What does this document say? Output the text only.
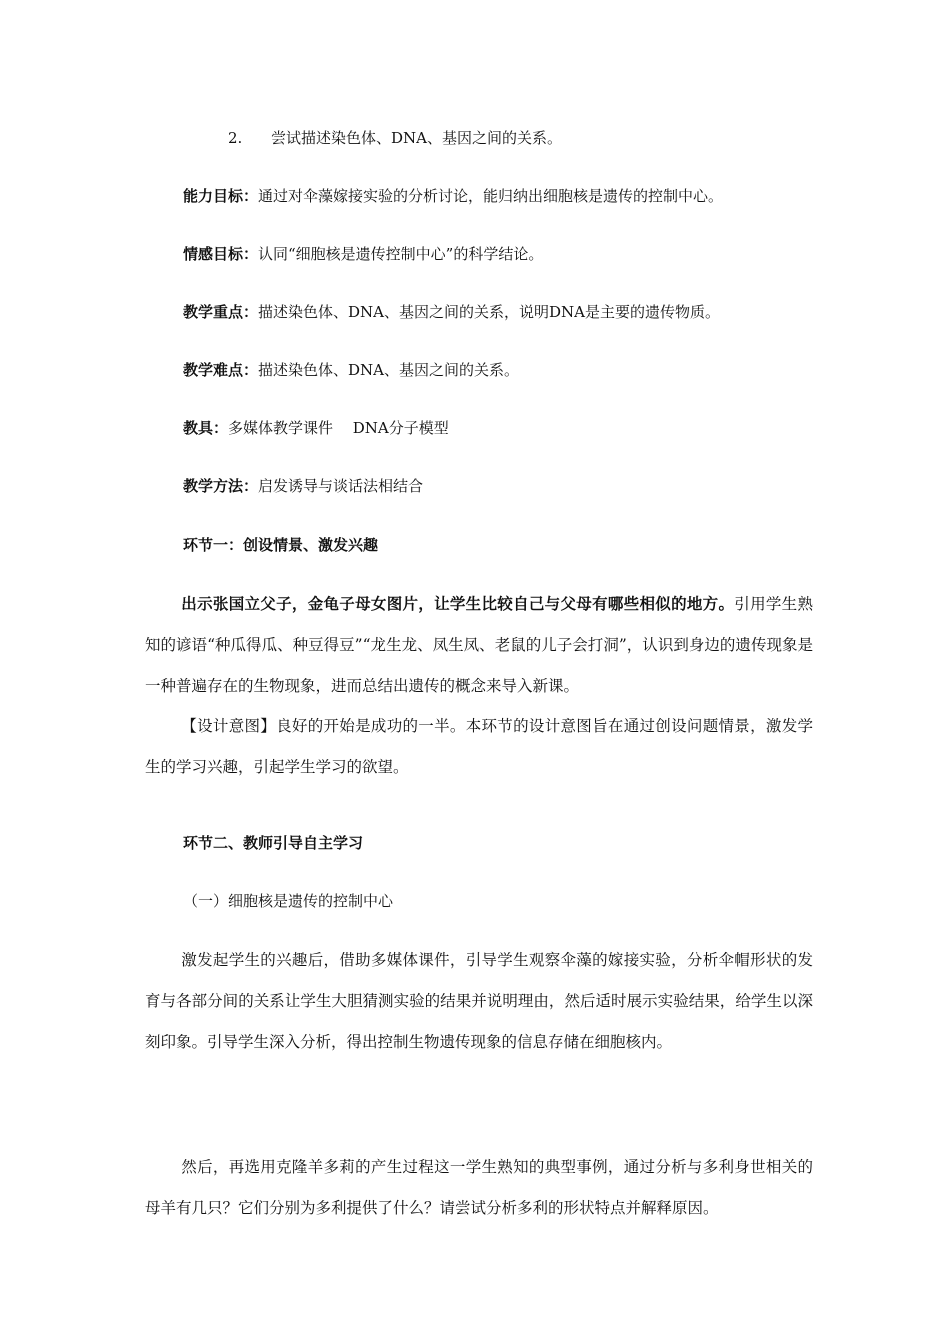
2. 尝试描述染色体、DNA、基因之间的关系。
能力目标：通过对伞藻嫁接实验的分析讨论，能归纳出细胞核是遗传的控制中心。
情感目标：认同“细胞核是遗传控制中心”的科学结论。
教学重点：描述染色体、DNA、基因之间的关系，说明DNA是主要的遗传物质。
教学难点：描述染色体、DNA、基因之间的关系。
教具：多媒体教学课件　 DNA分子模型
教学方法：启发诱导与谈话法相结合
环节一：创设情景、激发兴趣
出示张国立父子，金龟子母女图片，让学生比较自己与父母有哪些相似的地方。引用学生熟知的谚语“种瓜得瓜、种豆得豆”“龙生龙、凤生凤、老鼠的儿子会打洞”，认识到身边的遗传现象是一种普遍存在的生物现象，进而总结出遗传的概念来导入新课。
【设计意图】良好的开始是成功的一半。本环节的设计意图旨在通过创设问题情景，激发学生的学习兴趣，引起学生学习的欲望。
环节二、教师引导自主学习
（一）细胞核是遗传的控制中心
激发起学生的兴趣后，借助多媒体课件，引导学生观察伞藻的嫁接实验，分析伞帽形状的发育与各部分间的关系让学生大胆猜测实验的结果并说明理由，然后适时展示实验结果，给学生以深刻印象。引导学生深入分析，得出控制生物遗传现象的信息存储在细胞核内。
然后，再选用克隆羊多莉的产生过程这一学生熟知的典型事例，通过分析与多利身世相关的母羊有几只？它们分别为多利提供了什么？请尝试分析多利的形状特点并解释原因。
